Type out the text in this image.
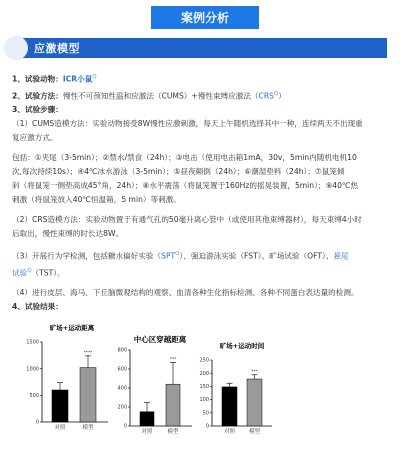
案例分析
应激模型

1、试验动物：ICR小鼠$^Q$

2、试验方法：慢性不可预知性温和应激法（CUMS）+慢性束缚应激法$(CRS^Q)$

3、试验步骤：

（1）CUMS造模方法：实验动物接受8W慢性应激刺激，每天上午随机选择其中一种，连续两天不出现重

复应激方式。

包括：①夹尾（3-5min）；②禁水/禁食（24h）；③电击（使用电击箱1mA，30v，5min内随机电机10

次,每次持续10s）；④4℃冰水游泳（3-5min）；⑤昼夜颠倒（24h）；⑥潮湿垫料（24h）；⑦鼠笼倾

斜（将鼠笼一侧垫高成45°角，24h）；⑧水平震荡（将鼠笼置于160Hz的摇晃装置，5min）；⑨40℃热

刺激（将鼠笼放入40℃恒温箱，5 min）等刺激。

（2）CRS造模方法：实验动物置于有通气孔的50毫升离心管中（或使用其他束缚器材），每天束缚4小时

后取出，慢性束缚的时长达8W。

（3）开展行为学检测，包括糖水偏好实验$(SPT^Q)$、强迫游泳实验（FST）、旷场试验（OFT）、悬尾

试验$^Q$（TST）。

（4）进行皮层、海马、下丘脑微观结构的观察、血清各种生化指标检测、各种不同蛋白表达量的检测。

4、试验结果：

旷场+运动距离
0
500
1000
1500
对照	模型
****
中心区穿越距离
0
200
400
600
800
对照	模型
***
旷场+运动时间
0
50
100
150
200
250
对照	模型
***
